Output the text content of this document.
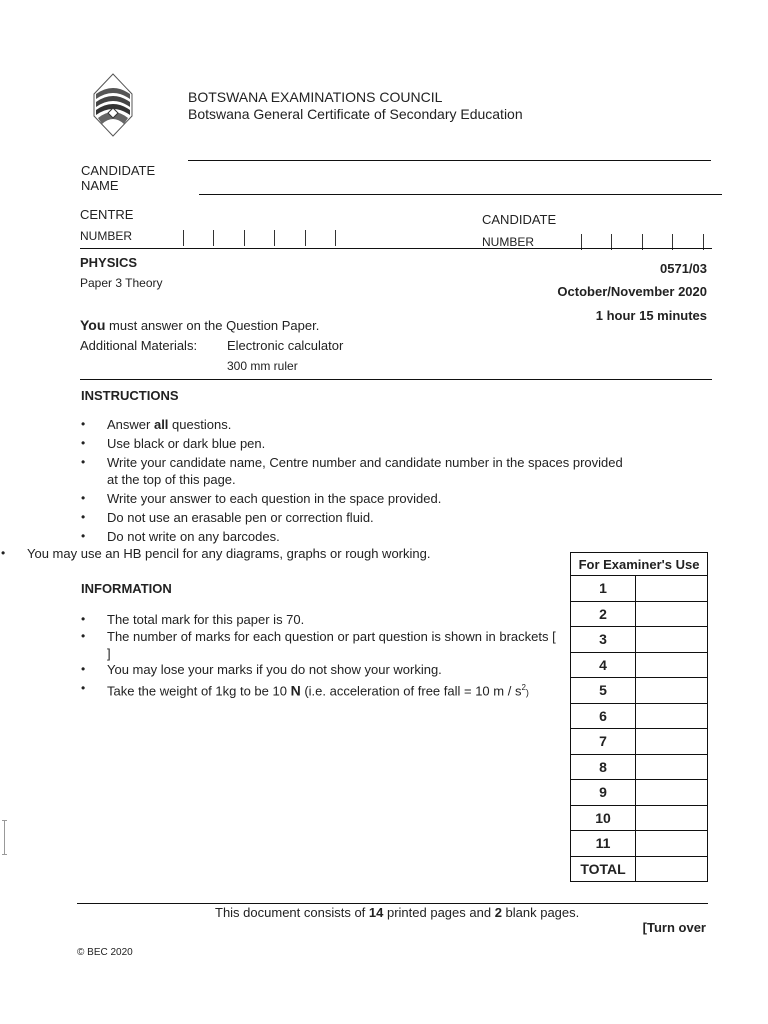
BOTSWANA EXAMINATIONS COUNCIL
Botswana General Certificate of Secondary Education
CANDIDATE
NAME
CENTRE
NUMBER
CANDIDATE
NUMBER
PHYSICS
Paper 3 Theory
0571/03
October/November 2020
1 hour 15 minutes
You must answer on the Question Paper.
Additional Materials: Electronic calculator
300 mm ruler
INSTRUCTIONS
• Answer all questions.
• Use black or dark blue pen.
• Write your candidate name, Centre number and candidate number in the spaces provided at the top of this page.
• Write your answer to each question in the space provided.
• Do not use an erasable pen or correction fluid.
• Do not write on any barcodes.
• You may use an HB pencil for any diagrams, graphs or rough working.
INFORMATION
• The total mark for this paper is 70.
• The number of marks for each question or part question is shown in brackets [ ]
• You may lose your marks if you do not show your working.
• Take the weight of 1kg to be 10 N (i.e. acceleration of free fall = 10 m / $s^2$)
For Examiner's Use	
1	
2	
3	
4	
5	
6	
7	
8	
9	
10	
11	
TOTAL	
This document consists of 14 printed pages and 2 blank pages.
[Turn over
© BEC 2020
